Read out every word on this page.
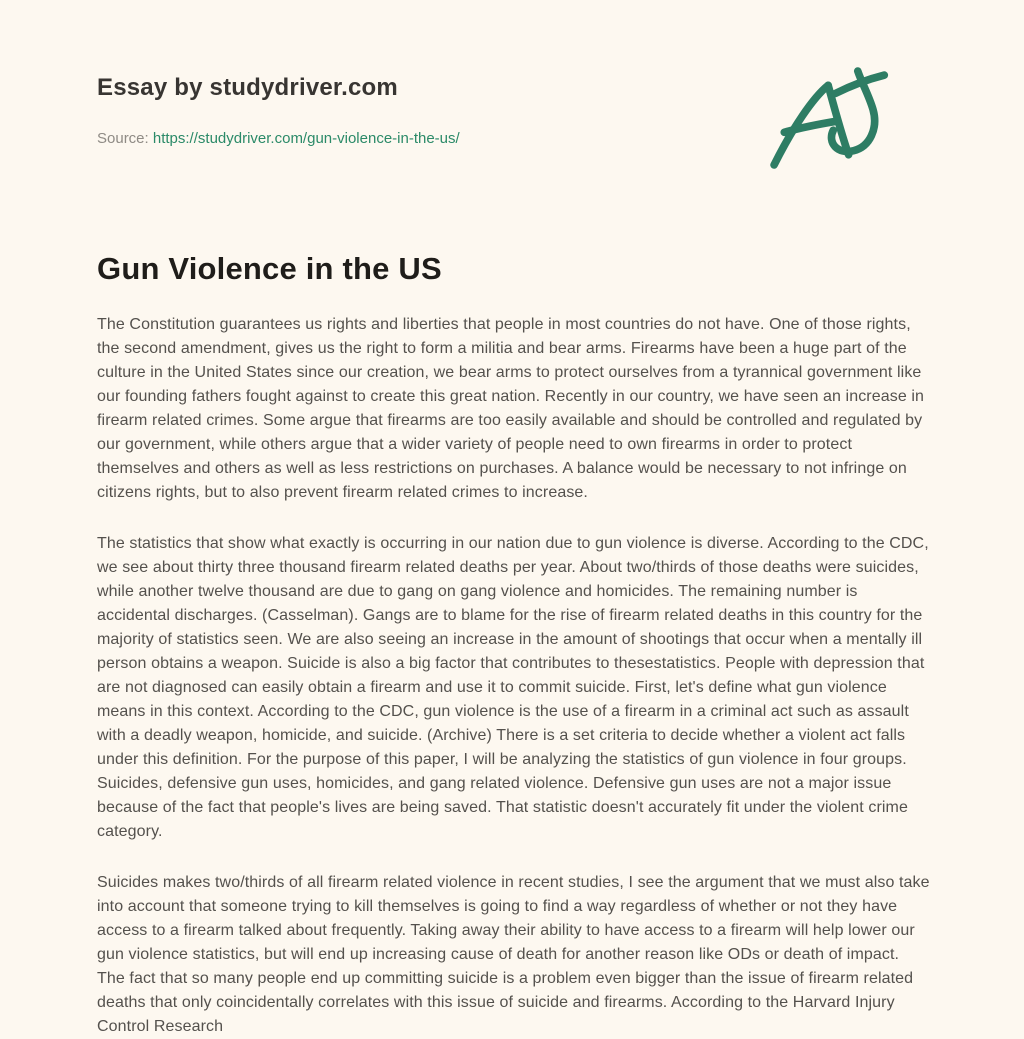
Essay by studydriver.com

Source: https://studydriver.com/gun-violence-in-the-us/

Gun Violence in the US

The Constitution guarantees us rights and liberties that people in most countries do not have. One of those rights, the second amendment, gives us the right to form a militia and bear arms. Firearms have been a huge part of the culture in the United States since our creation, we bear arms to protect ourselves from a tyrannical government like our founding fathers fought against to create this great nation. Recently in our country, we have seen an increase in firearm related crimes. Some argue that firearms are too easily available and should be controlled and regulated by our government, while others argue that a wider variety of people need to own firearms in order to protect themselves and others as well as less restrictions on purchases. A balance would be necessary to not infringe on citizens rights, but to also prevent firearm related crimes to increase.

The statistics that show what exactly is occurring in our nation due to gun violence is diverse. According to the CDC, we see about thirty three thousand firearm related deaths per year. About two/thirds of those deaths were suicides, while another twelve thousand are due to gang on gang violence and homicides. The remaining number is accidental discharges. (Casselman). Gangs are to blame for the rise of firearm related deaths in this country for the majority of statistics seen. We are also seeing an increase in the amount of shootings that occur when a mentally ill person obtains a weapon. Suicide is also a big factor that contributes to thesestatistics. People with depression that are not diagnosed can easily obtain a firearm and use it to commit suicide. First, let's define what gun violence means in this context. According to the CDC, gun violence is the use of a firearm in a criminal act such as assault with a deadly weapon, homicide, and suicide. (Archive) There is a set criteria to decide whether a violent act falls under this definition. For the purpose of this paper, I will be analyzing the statistics of gun violence in four groups. Suicides, defensive gun uses, homicides, and gang related violence. Defensive gun uses are not a major issue because of the fact that people's lives are being saved. That statistic doesn't accurately fit under the violent crime category.

Suicides makes two/thirds of all firearm related violence in recent studies, I see the argument that we must also take into account that someone trying to kill themselves is going to find a way regardless of whether or not they have access to a firearm talked about frequently. Taking away their ability to have access to a firearm will help lower our gun violence statistics, but will end up increasing cause of death for another reason like ODs or death of impact. The fact that so many people end up committing suicide is a problem even bigger than the issue of firearm related deaths that only coincidentally correlates with this issue of suicide and firearms. According to the Harvard Injury Control Research
